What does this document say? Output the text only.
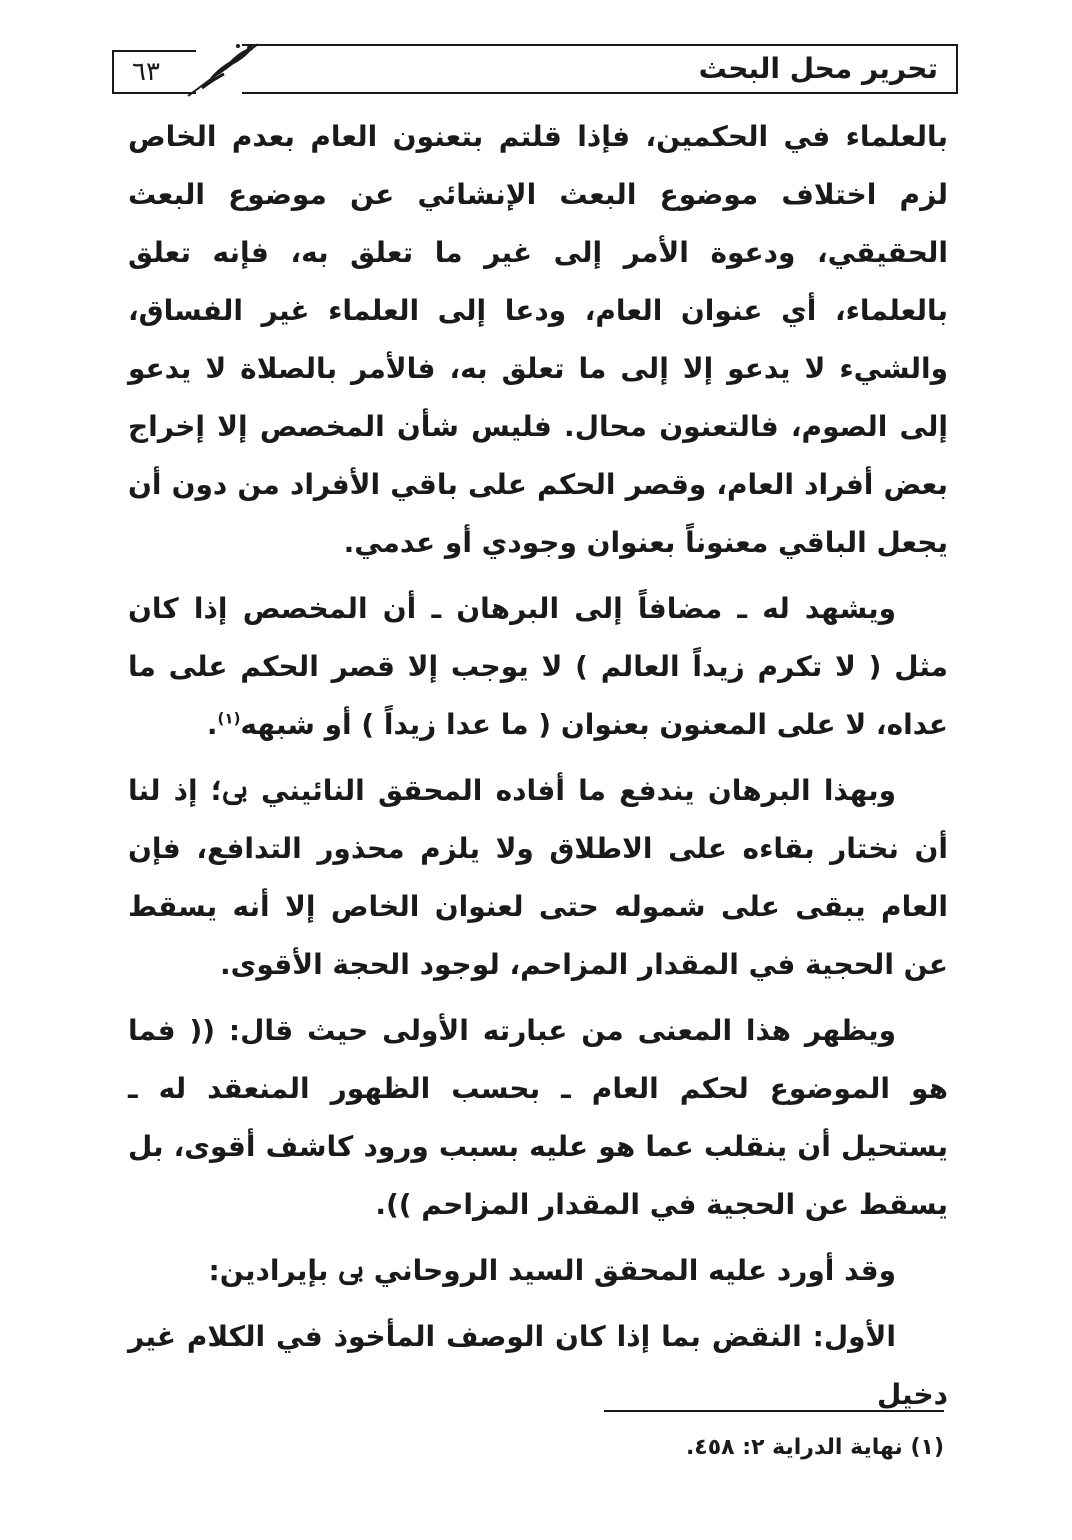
تحرير محل البحث
٦٣

بالعلماء في الحكمين، فإذا قلتم بتعنون العام بعدم الخاص لزم اختلاف موضوع البعث الإنشائي عن موضوع البعث الحقيقي، ودعوة الأمر إلى غير ما تعلق به، فإنه تعلق بالعلماء، أي عنوان العام، ودعا إلى العلماء غير الفساق، والشيء لا يدعو إلا إلى ما تعلق به، فالأمر بالصلاة لا يدعو إلى الصوم، فالتعنون محال. فليس شأن المخصص إلا إخراج بعض أفراد العام، وقصر الحكم على باقي الأفراد من دون أن يجعل الباقي معنوناً بعنوان وجودي أو عدمي.

ويشهد له ـ مضافاً إلى البرهان ـ أن المخصص إذا كان مثل ( لا تكرم زيداً العالم ) لا يوجب إلا قصر الحكم على ما عداه، لا على المعنون بعنوان ( ما عدا زيداً ) أو شبهه$^{(١)}$.

وبهذا البرهان يندفع ما أفاده المحقق النائيني ﰉ؛ إذ لنا أن نختار بقاءه على الاطلاق ولا يلزم محذور التدافع، فإن العام يبقى على شموله حتى لعنوان الخاص إلا أنه يسقط عن الحجية في المقدار المزاحم، لوجود الحجة الأقوى.

ويظهر هذا المعنى من عبارته الأولى حيث قال: (( فما هو الموضوع لحكم العام ـ بحسب الظهور المنعقد له ـ يستحيل أن ينقلب عما هو عليه بسبب ورود كاشف أقوى، بل يسقط عن الحجية في المقدار المزاحم )).

وقد أورد عليه المحقق السيد الروحاني ﰉ بإيرادين:

الأول: النقض بما إذا كان الوصف المأخوذ في الكلام غير دخيل

(١) نهاية الدراية ٢: ٤٥٨.
